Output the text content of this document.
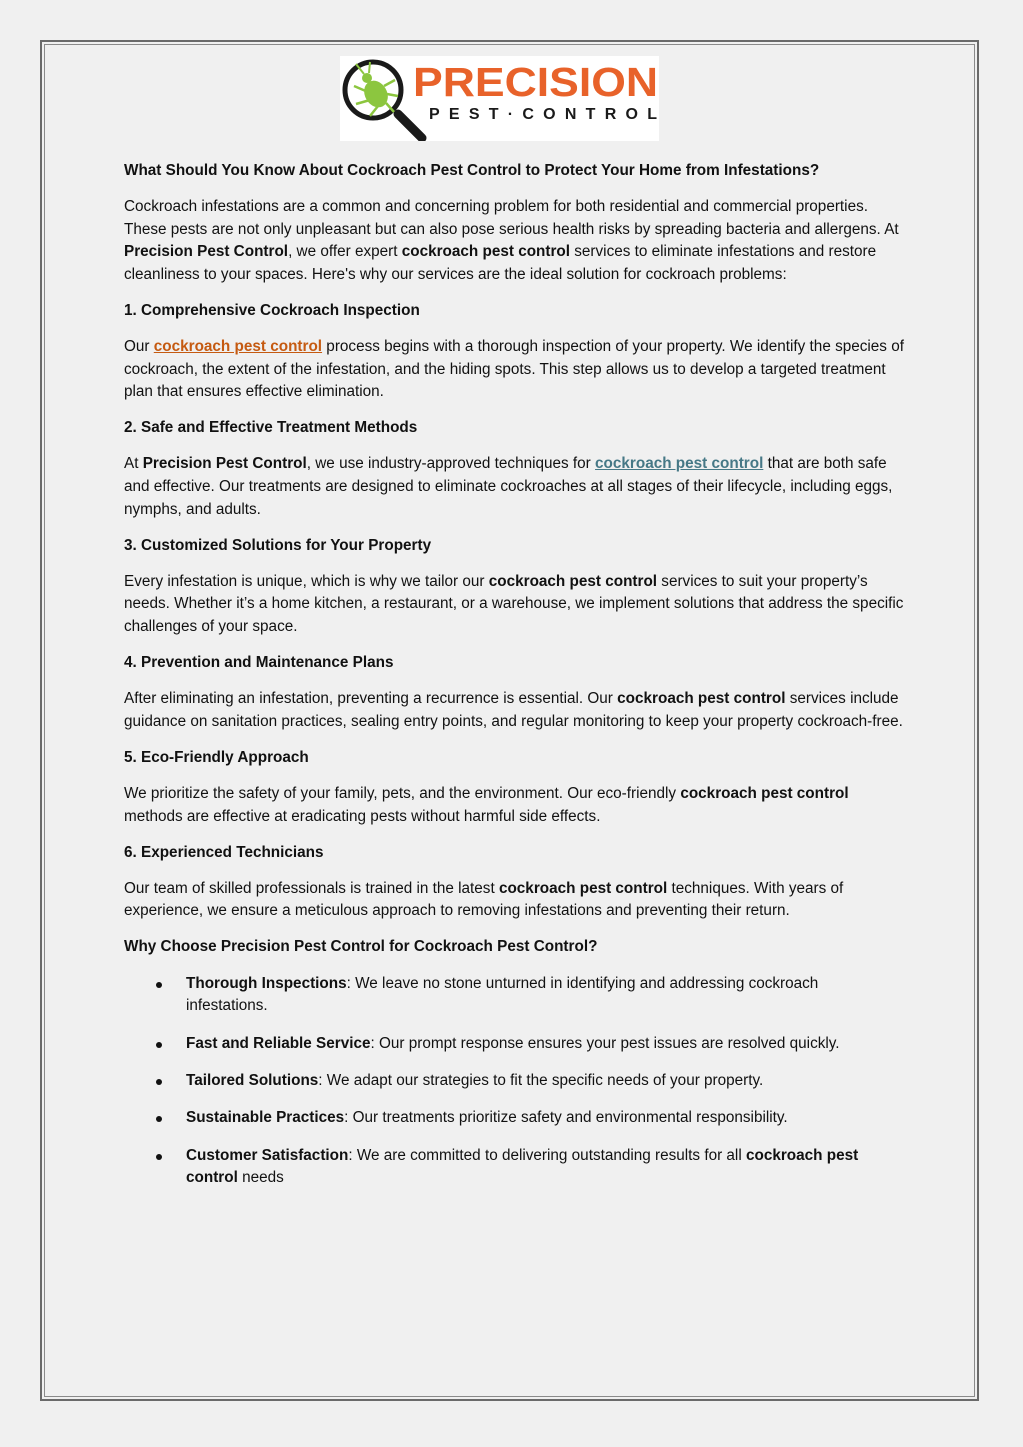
PRECISION
PEST·CONTROL
What Should You Know About Cockroach Pest Control to Protect Your Home from Infestations?

Cockroach infestations are a common and concerning problem for both residential and commercial properties. These pests are not only unpleasant but can also pose serious health risks by spreading bacteria and allergens. At Precision Pest Control, we offer expert cockroach pest control services to eliminate infestations and restore cleanliness to your spaces. Here's why our services are the ideal solution for cockroach problems:

1. Comprehensive Cockroach Inspection

Our cockroach pest control process begins with a thorough inspection of your property. We identify the species of cockroach, the extent of the infestation, and the hiding spots. This step allows us to develop a targeted treatment plan that ensures effective elimination.

2. Safe and Effective Treatment Methods

At Precision Pest Control, we use industry-approved techniques for cockroach pest control that are both safe and effective. Our treatments are designed to eliminate cockroaches at all stages of their lifecycle, including eggs, nymphs, and adults.

3. Customized Solutions for Your Property

Every infestation is unique, which is why we tailor our cockroach pest control services to suit your property’s needs. Whether it’s a home kitchen, a restaurant, or a warehouse, we implement solutions that address the specific challenges of your space.

4. Prevention and Maintenance Plans

After eliminating an infestation, preventing a recurrence is essential. Our cockroach pest control services include guidance on sanitation practices, sealing entry points, and regular monitoring to keep your property cockroach-free.

5. Eco-Friendly Approach

We prioritize the safety of your family, pets, and the environment. Our eco-friendly cockroach pest control methods are effective at eradicating pests without harmful side effects.

6. Experienced Technicians

Our team of skilled professionals is trained in the latest cockroach pest control techniques. With years of experience, we ensure a meticulous approach to removing infestations and preventing their return.

Why Choose Precision Pest Control for Cockroach Pest Control?
Thorough Inspections: We leave no stone unturned in identifying and addressing cockroach infestations.
Fast and Reliable Service: Our prompt response ensures your pest issues are resolved quickly.
Tailored Solutions: We adapt our strategies to fit the specific needs of your property.
Sustainable Practices: Our treatments prioritize safety and environmental responsibility.
Customer Satisfaction: We are committed to delivering outstanding results for all cockroach pest control needs
